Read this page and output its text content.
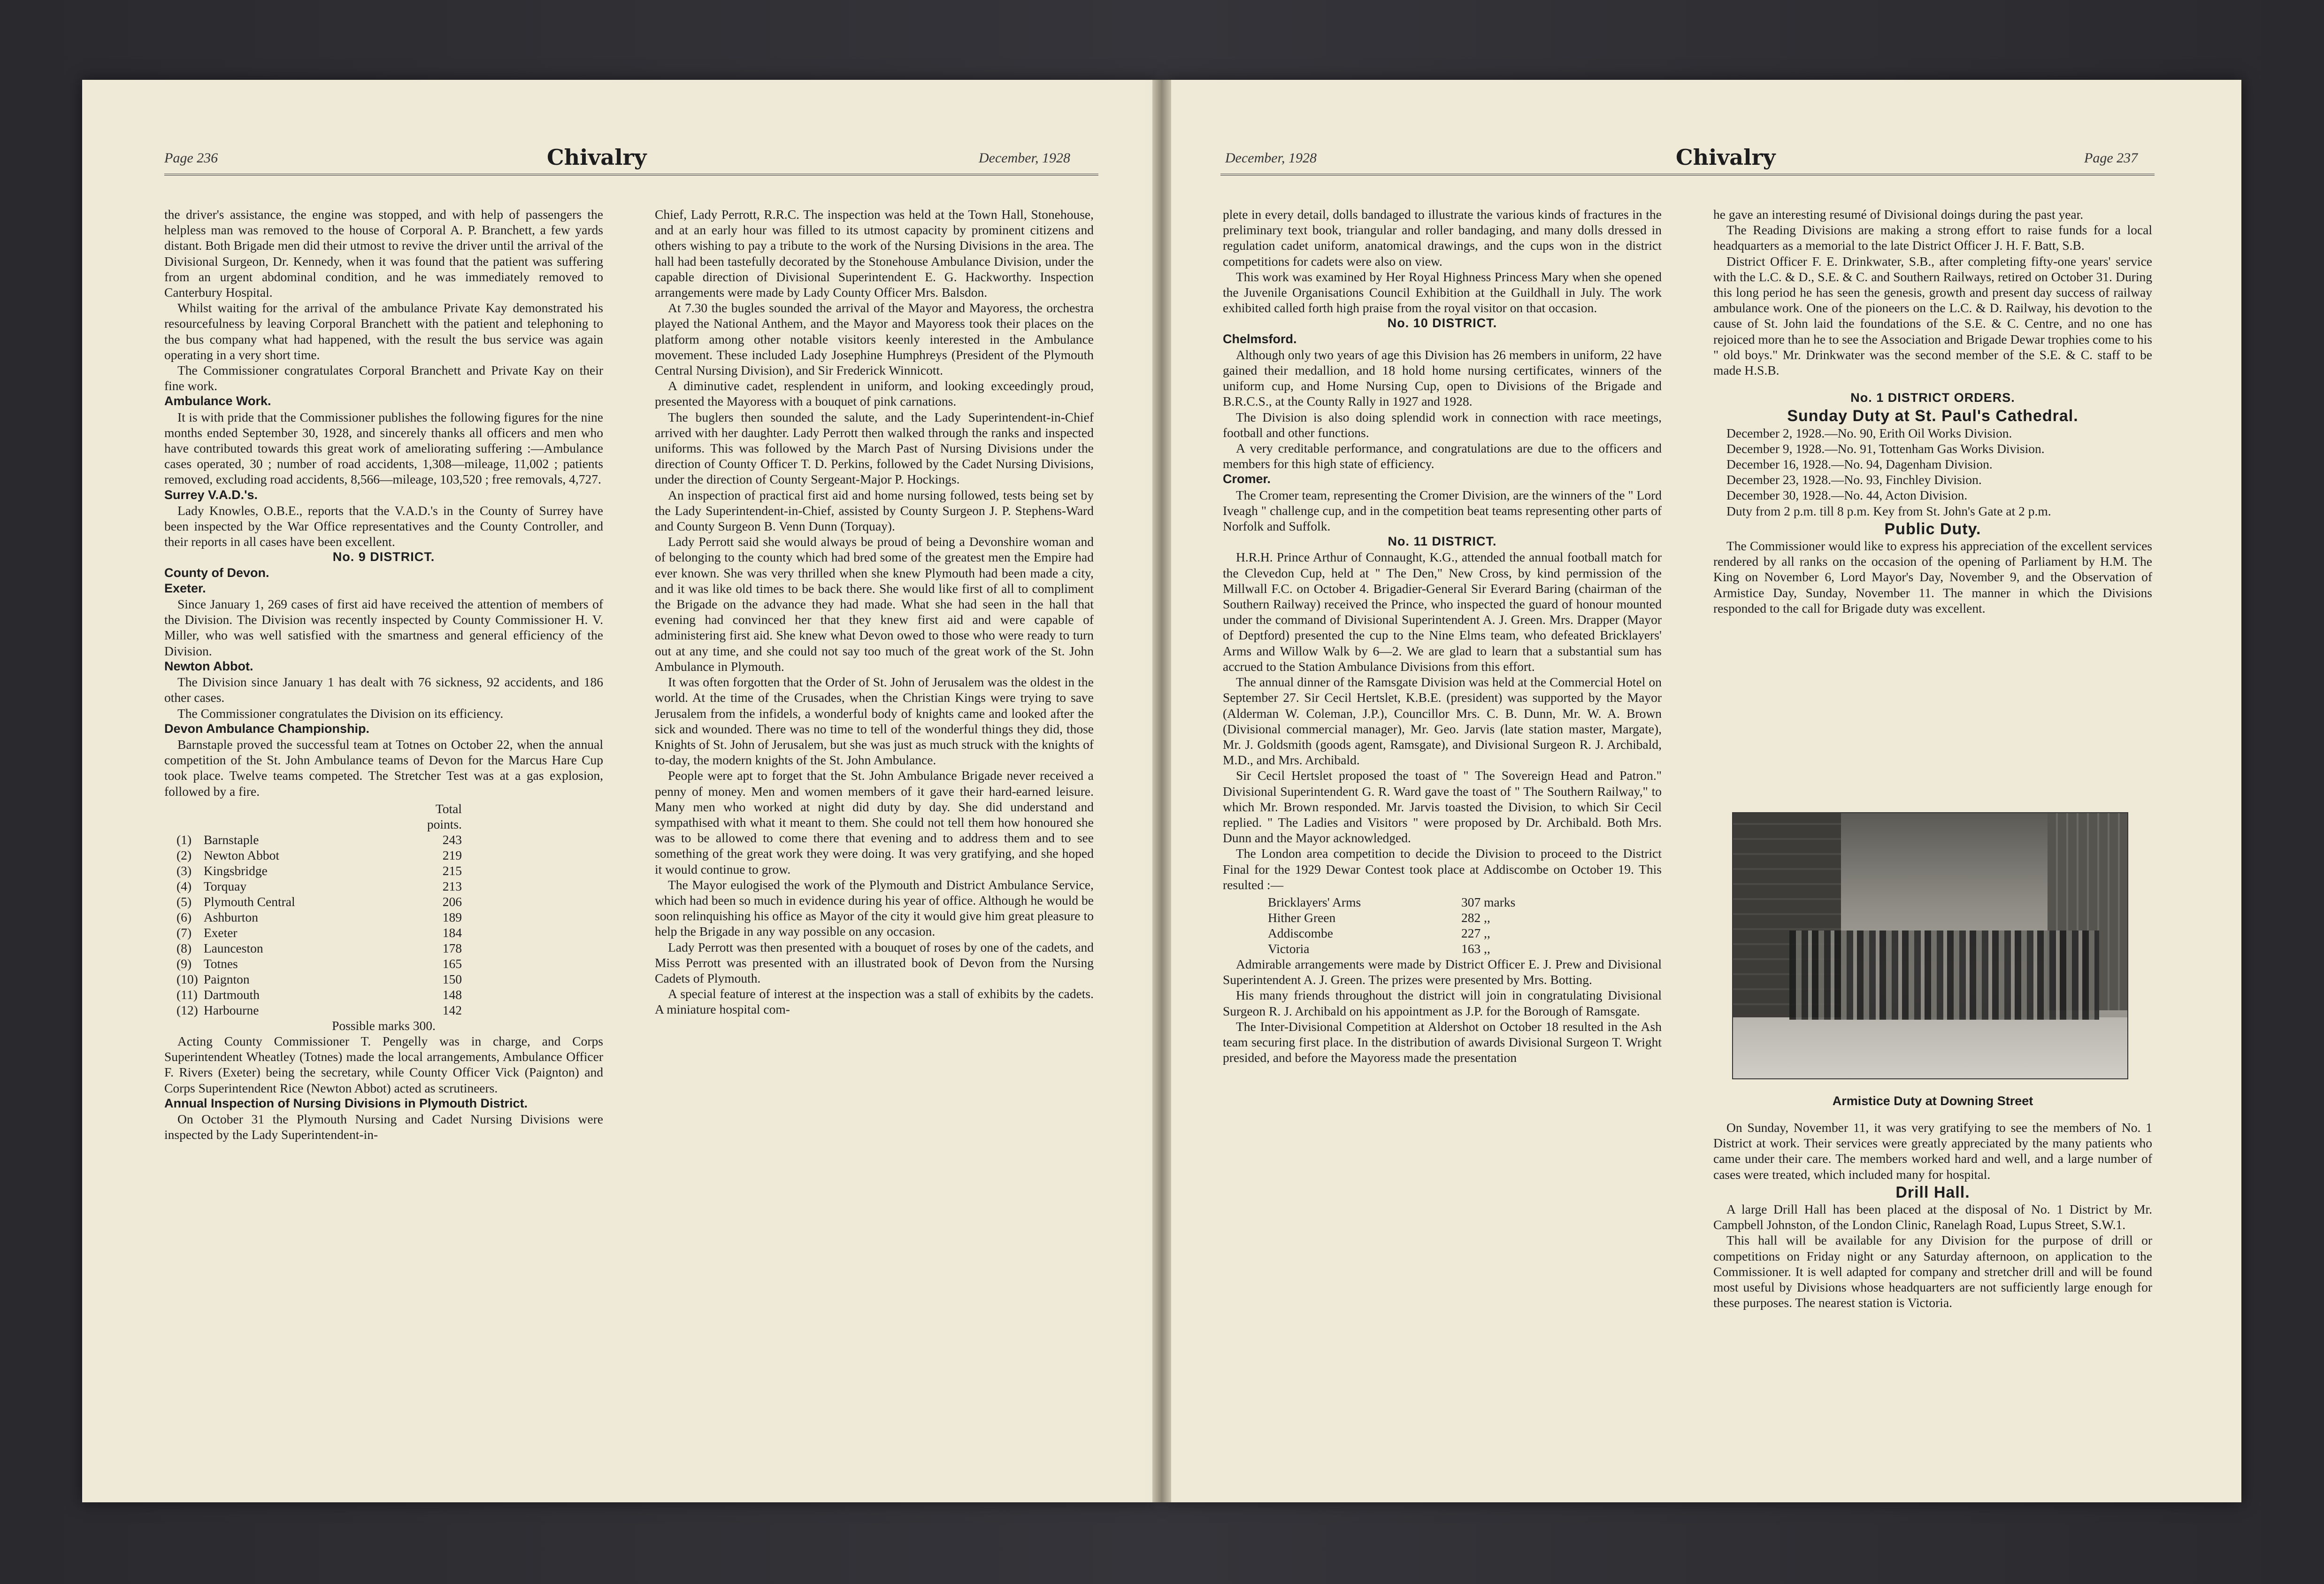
Page 236	Chivalry	December, 1928	December, 1928	Chivalry	Page 237

the driver's assistance, the engine was stopped, and with help of passengers the helpless man was removed to the house of Corporal A. P. Branchett, a few yards distant. Both Brigade men did their utmost to revive the driver until the arrival of the Divisional Surgeon, Dr. Kennedy, when it was found that the patient was suffering from an urgent abdominal condition, and he was immediately removed to Canterbury Hospital.

Whilst waiting for the arrival of the ambulance Private Kay demonstrated his resourcefulness by leaving Corporal Branchett with the patient and telephoning to the bus company what had happened, with the result the bus service was again operating in a very short time.

The Commissioner congratulates Corporal Branchett and Private Kay on their fine work.

Ambulance Work.

It is with pride that the Commissioner publishes the following figures for the nine months ended September 30, 1928, and sincerely thanks all officers and men who have contributed towards this great work of ameliorating suffering :—Ambulance cases operated, 30 ; number of road accidents, 1,308—mileage, 11,002 ; patients removed, excluding road accidents, 8,566—mileage, 103,520 ; free removals, 4,727.

Surrey V.A.D.'s.

Lady Knowles, O.B.E., reports that the V.A.D.'s in the County of Surrey have been inspected by the War Office representatives and the County Controller, and their reports in all cases have been excellent.

No. 9 DISTRICT.

County of Devon.

Exeter.

Since January 1, 269 cases of first aid have received the attention of members of the Division. The Division was recently inspected by County Commissioner H. V. Miller, who was well satisfied with the smartness and general efficiency of the Division.

Newton Abbot.

The Division since January 1 has dealt with 76 sickness, 92 accidents, and 186 other cases.

The Commissioner congratulates the Division on its efficiency.

Devon Ambulance Championship.

Barnstaple proved the successful team at Totnes on October 22, when the annual competition of the St. John Ambulance teams of Devon for the Marcus Hare Cup took place. Twelve teams competed. The Stretcher Test was at a gas explosion, followed by a fire.

		Total
		points.
(1)	Barnstaple	243
(2)	Newton Abbot	219
(3)	Kingsbridge	215
(4)	Torquay	213
(5)	Plymouth Central	206
(6)	Ashburton	189
(7)	Exeter	184
(8)	Launceston	178
(9)	Totnes	165
(10)	Paignton	150
(11)	Dartmouth	148
(12)	Harbourne	142

Possible marks 300.

Acting County Commissioner T. Pengelly was in charge, and Corps Superintendent Wheatley (Totnes) made the local arrangements, Ambulance Officer F. Rivers (Exeter) being the secretary, while County Officer Vick (Paignton) and Corps Superintendent Rice (Newton Abbot) acted as scrutineers.

Annual Inspection of Nursing Divisions in Plymouth District.

On October 31 the Plymouth Nursing and Cadet Nursing Divisions were inspected by the Lady Superintendent-in-

Chief, Lady Perrott, R.R.C. The inspection was held at the Town Hall, Stonehouse, and at an early hour was filled to its utmost capacity by prominent citizens and others wishing to pay a tribute to the work of the Nursing Divisions in the area. The hall had been tastefully decorated by the Stonehouse Ambulance Division, under the capable direction of Divisional Superintendent E. G. Hackworthy. Inspection arrangements were made by Lady County Officer Mrs. Balsdon.

At 7.30 the bugles sounded the arrival of the Mayor and Mayoress, the orchestra played the National Anthem, and the Mayor and Mayoress took their places on the platform among other notable visitors keenly interested in the Ambulance movement. These included Lady Josephine Humphreys (President of the Plymouth Central Nursing Division), and Sir Frederick Winnicott.

A diminutive cadet, resplendent in uniform, and looking exceedingly proud, presented the Mayoress with a bouquet of pink carnations.

The buglers then sounded the salute, and the Lady Superintendent-in-Chief arrived with her daughter. Lady Perrott then walked through the ranks and inspected uniforms. This was followed by the March Past of Nursing Divisions under the direction of County Officer T. D. Perkins, followed by the Cadet Nursing Divisions, under the direction of County Sergeant-Major P. Hockings.

An inspection of practical first aid and home nursing followed, tests being set by the Lady Superintendent-in-Chief, assisted by County Surgeon J. P. Stephens-Ward and County Surgeon B. Venn Dunn (Torquay).

Lady Perrott said she would always be proud of being a Devonshire woman and of belonging to the county which had bred some of the greatest men the Empire had ever known. She was very thrilled when she knew Plymouth had been made a city, and it was like old times to be back there. She would like first of all to compliment the Brigade on the advance they had made. What she had seen in the hall that evening had convinced her that they knew first aid and were capable of administering first aid. She knew what Devon owed to those who were ready to turn out at any time, and she could not say too much of the great work of the St. John Ambulance in Plymouth.

It was often forgotten that the Order of St. John of Jerusalem was the oldest in the world. At the time of the Crusades, when the Christian Kings were trying to save Jerusalem from the infidels, a wonderful body of knights came and looked after the sick and wounded. There was no time to tell of the wonderful things they did, those Knights of St. John of Jerusalem, but she was just as much struck with the knights of to-day, the modern knights of the St. John Ambulance.

People were apt to forget that the St. John Ambulance Brigade never received a penny of money. Men and women members of it gave their hard-earned leisure. Many men who worked at night did duty by day. She did understand and sympathised with what it meant to them. She could not tell them how honoured she was to be allowed to come there that evening and to address them and to see something of the great work they were doing. It was very gratifying, and she hoped it would continue to grow.

The Mayor eulogised the work of the Plymouth and District Ambulance Service, which had been so much in evidence during his year of office. Although he would be soon relinquishing his office as Mayor of the city it would give him great pleasure to help the Brigade in any way possible on any occasion.

Lady Perrott was then presented with a bouquet of roses by one of the cadets, and Miss Perrott was presented with an illustrated book of Devon from the Nursing Cadets of Plymouth.

A special feature of interest at the inspection was a stall of exhibits by the cadets. A miniature hospital com-

plete in every detail, dolls bandaged to illustrate the various kinds of fractures in the preliminary text book, triangular and roller bandaging, and many dolls dressed in regulation cadet uniform, anatomical drawings, and the cups won in the district competitions for cadets were also on view.

This work was examined by Her Royal Highness Princess Mary when she opened the Juvenile Organisations Council Exhibition at the Guildhall in July. The work exhibited called forth high praise from the royal visitor on that occasion.

No. 10 DISTRICT.

Chelmsford.

Although only two years of age this Division has 26 members in uniform, 22 have gained their medallion, and 18 hold home nursing certificates, winners of the uniform cup, and Home Nursing Cup, open to Divisions of the Brigade and B.R.C.S., at the County Rally in 1927 and 1928.

The Division is also doing splendid work in connection with race meetings, football and other functions.

A very creditable performance, and congratulations are due to the officers and members for this high state of efficiency.

Cromer.

The Cromer team, representing the Cromer Division, are the winners of the " Lord Iveagh " challenge cup, and in the competition beat teams representing other parts of Norfolk and Suffolk.

No. 11 DISTRICT.

H.R.H. Prince Arthur of Connaught, K.G., attended the annual football match for the Clevedon Cup, held at " The Den," New Cross, by kind permission of the Millwall F.C. on October 4. Brigadier-General Sir Everard Baring (chairman of the Southern Railway) received the Prince, who inspected the guard of honour mounted under the command of Divisional Superintendent A. J. Green. Mrs. Drapper (Mayor of Deptford) presented the cup to the Nine Elms team, who defeated Bricklayers' Arms and Willow Walk by 6—2. We are glad to learn that a substantial sum has accrued to the Station Ambulance Divisions from this effort.

The annual dinner of the Ramsgate Division was held at the Commercial Hotel on September 27. Sir Cecil Hertslet, K.B.E. (president) was supported by the Mayor (Alderman W. Coleman, J.P.), Councillor Mrs. C. B. Dunn, Mr. W. A. Brown (Divisional commercial manager), Mr. Geo. Jarvis (late station master, Margate), Mr. J. Goldsmith (goods agent, Ramsgate), and Divisional Surgeon R. J. Archibald, M.D., and Mrs. Archibald.

Sir Cecil Hertslet proposed the toast of " The Sovereign Head and Patron." Divisional Superintendent G. R. Ward gave the toast of " The Southern Railway," to which Mr. Brown responded. Mr. Jarvis toasted the Division, to which Sir Cecil replied. " The Ladies and Visitors " were proposed by Dr. Archibald. Both Mrs. Dunn and the Mayor acknowledged.

The London area competition to decide the Division to proceed to the District Final for the 1929 Dewar Contest took place at Addiscombe on October 19. This resulted :—

Bricklayers' Arms	307 marks
Hither Green	282 ,,
Addiscombe	227 ,,
Victoria	163 ,,

Admirable arrangements were made by District Officer E. J. Prew and Divisional Superintendent A. J. Green. The prizes were presented by Mrs. Botting.

His many friends throughout the district will join in congratulating Divisional Surgeon R. J. Archibald on his appointment as J.P. for the Borough of Ramsgate.

The Inter-Divisional Competition at Aldershot on October 18 resulted in the Ash team securing first place. In the distribution of awards Divisional Surgeon T. Wright presided, and before the Mayoress made the presentation

he gave an interesting resumé of Divisional doings during the past year.

The Reading Divisions are making a strong effort to raise funds for a local headquarters as a memorial to the late District Officer J. H. F. Batt, S.B.

District Officer F. E. Drinkwater, S.B., after completing fifty-one years' service with the L.C. & D., S.E. & C. and Southern Railways, retired on October 31. During this long period he has seen the genesis, growth and present day success of railway ambulance work. One of the pioneers on the L.C. & D. Railway, his devotion to the cause of St. John laid the foundations of the S.E. & C. Centre, and no one has rejoiced more than he to see the Association and Brigade Dewar trophies come to his " old boys." Mr. Drinkwater was the second member of the S.E. & C. staff to be made H.S.B.

No. 1 DISTRICT ORDERS.

Sunday Duty at St. Paul's Cathedral.

December 2, 1928.—No. 90, Erith Oil Works Division.

December 9, 1928.—No. 91, Tottenham Gas Works Division.

December 16, 1928.—No. 94, Dagenham Division.

December 23, 1928.—No. 93, Finchley Division.

December 30, 1928.—No. 44, Acton Division.

Duty from 2 p.m. till 8 p.m. Key from St. John's Gate at 2 p.m.

Public Duty.

The Commissioner would like to express his appreciation of the excellent services rendered by all ranks on the occasion of the opening of Parliament by H.M. The King on November 6, Lord Mayor's Day, November 9, and the Observation of Armistice Day, Sunday, November 11. The manner in which the Divisions responded to the call for Brigade duty was excellent.

Armistice Duty at Downing Street

On Sunday, November 11, it was very gratifying to see the members of No. 1 District at work. Their services were greatly appreciated by the many patients who came under their care. The members worked hard and well, and a large number of cases were treated, which included many for hospital.

Drill Hall.

A large Drill Hall has been placed at the disposal of No. 1 District by Mr. Campbell Johnston, of the London Clinic, Ranelagh Road, Lupus Street, S.W.1.

This hall will be available for any Division for the purpose of drill or competitions on Friday night or any Saturday afternoon, on application to the Commissioner. It is well adapted for company and stretcher drill and will be found most useful by Divisions whose headquarters are not sufficiently large enough for these purposes. The nearest station is Victoria.
